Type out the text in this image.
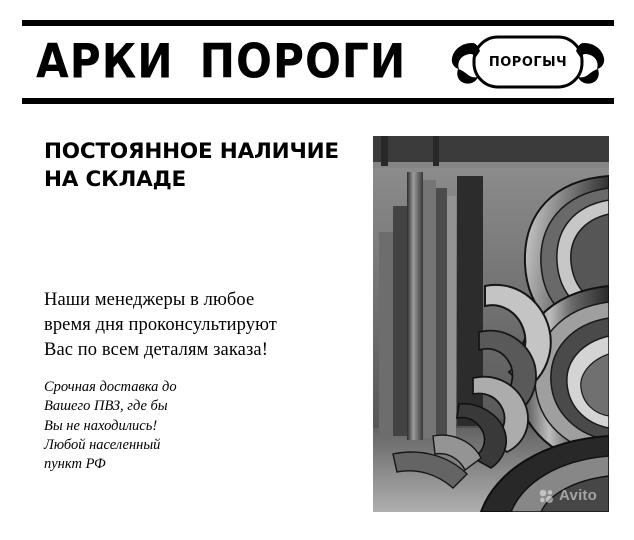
АРКИ ПОРОГИ	ПОРОГЫЧ
ПОСТОЯННОЕ НАЛИЧИЕ
НА СКЛАДЕ
Наши менеджеры в любое
время дня проконсультируют
Вас по всем деталям заказа!
Срочная доставка до
Вашего ПВЗ, где бы
Вы не находились!
Любой населенный
пункт РФ
Avito
